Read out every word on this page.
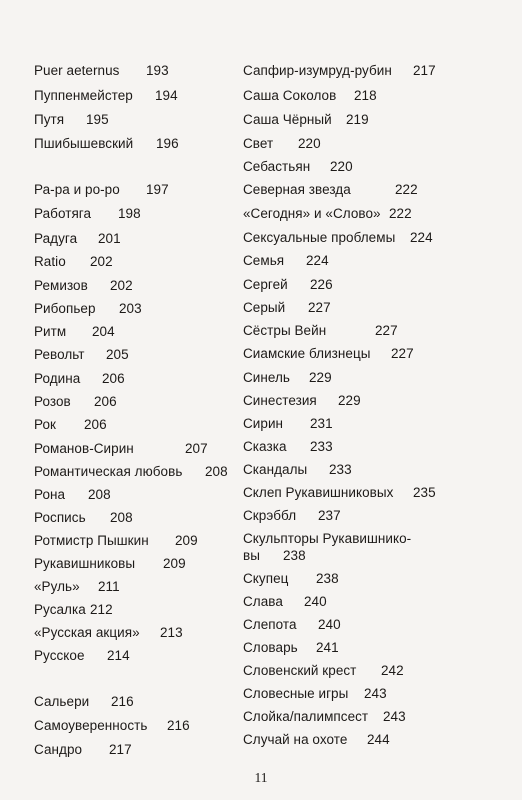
Puer aeternus 193
Пуппенмейстер 194
Путя 195
Пшибышевский 196
Ра-ра и ро-ро 197
Работяга 198
Радуга 201
Ratio 202
Ремизов 202
Рибопьер 203
Ритм 204
Револьт 205
Родина 206
Розов 206
Рок 206
Романов-Сирин	207
Романтическая любовь 208
Рона 208
Роспись 208
Ротмистр Пышкин 209
Рукавишниковы 209
«Руль» 211
Русалка 212
«Русская акция» 213
Русское 214
Сальери 216
Самоуверенность 216
Сандро 217
Сапфир-изумруд-рубин 217
Саша Соколов 218
Саша Чёрный 219
Свет 220
Себастьян 220
Северная звезда	222
«Сегодня» и «Слово» 222
Сексуальные проблемы 224
Семья 224
Сергей 226
Серый 227
Сёстры Вейн	227
Сиамские близнецы 227
Синель 229
Синестезия 229
Сирин 231
Сказка 233
Скандалы 233
Склеп Рукавишниковых 235
Скрэббл 237
Скульпторы Рукавишнико-
вы 238
Скупец 238
Слава 240
Слепота 240
Словарь 241
Словенский крест 242
Словесные игры 243
Слойка/палимпсест 243
Случай на охоте 244
11
